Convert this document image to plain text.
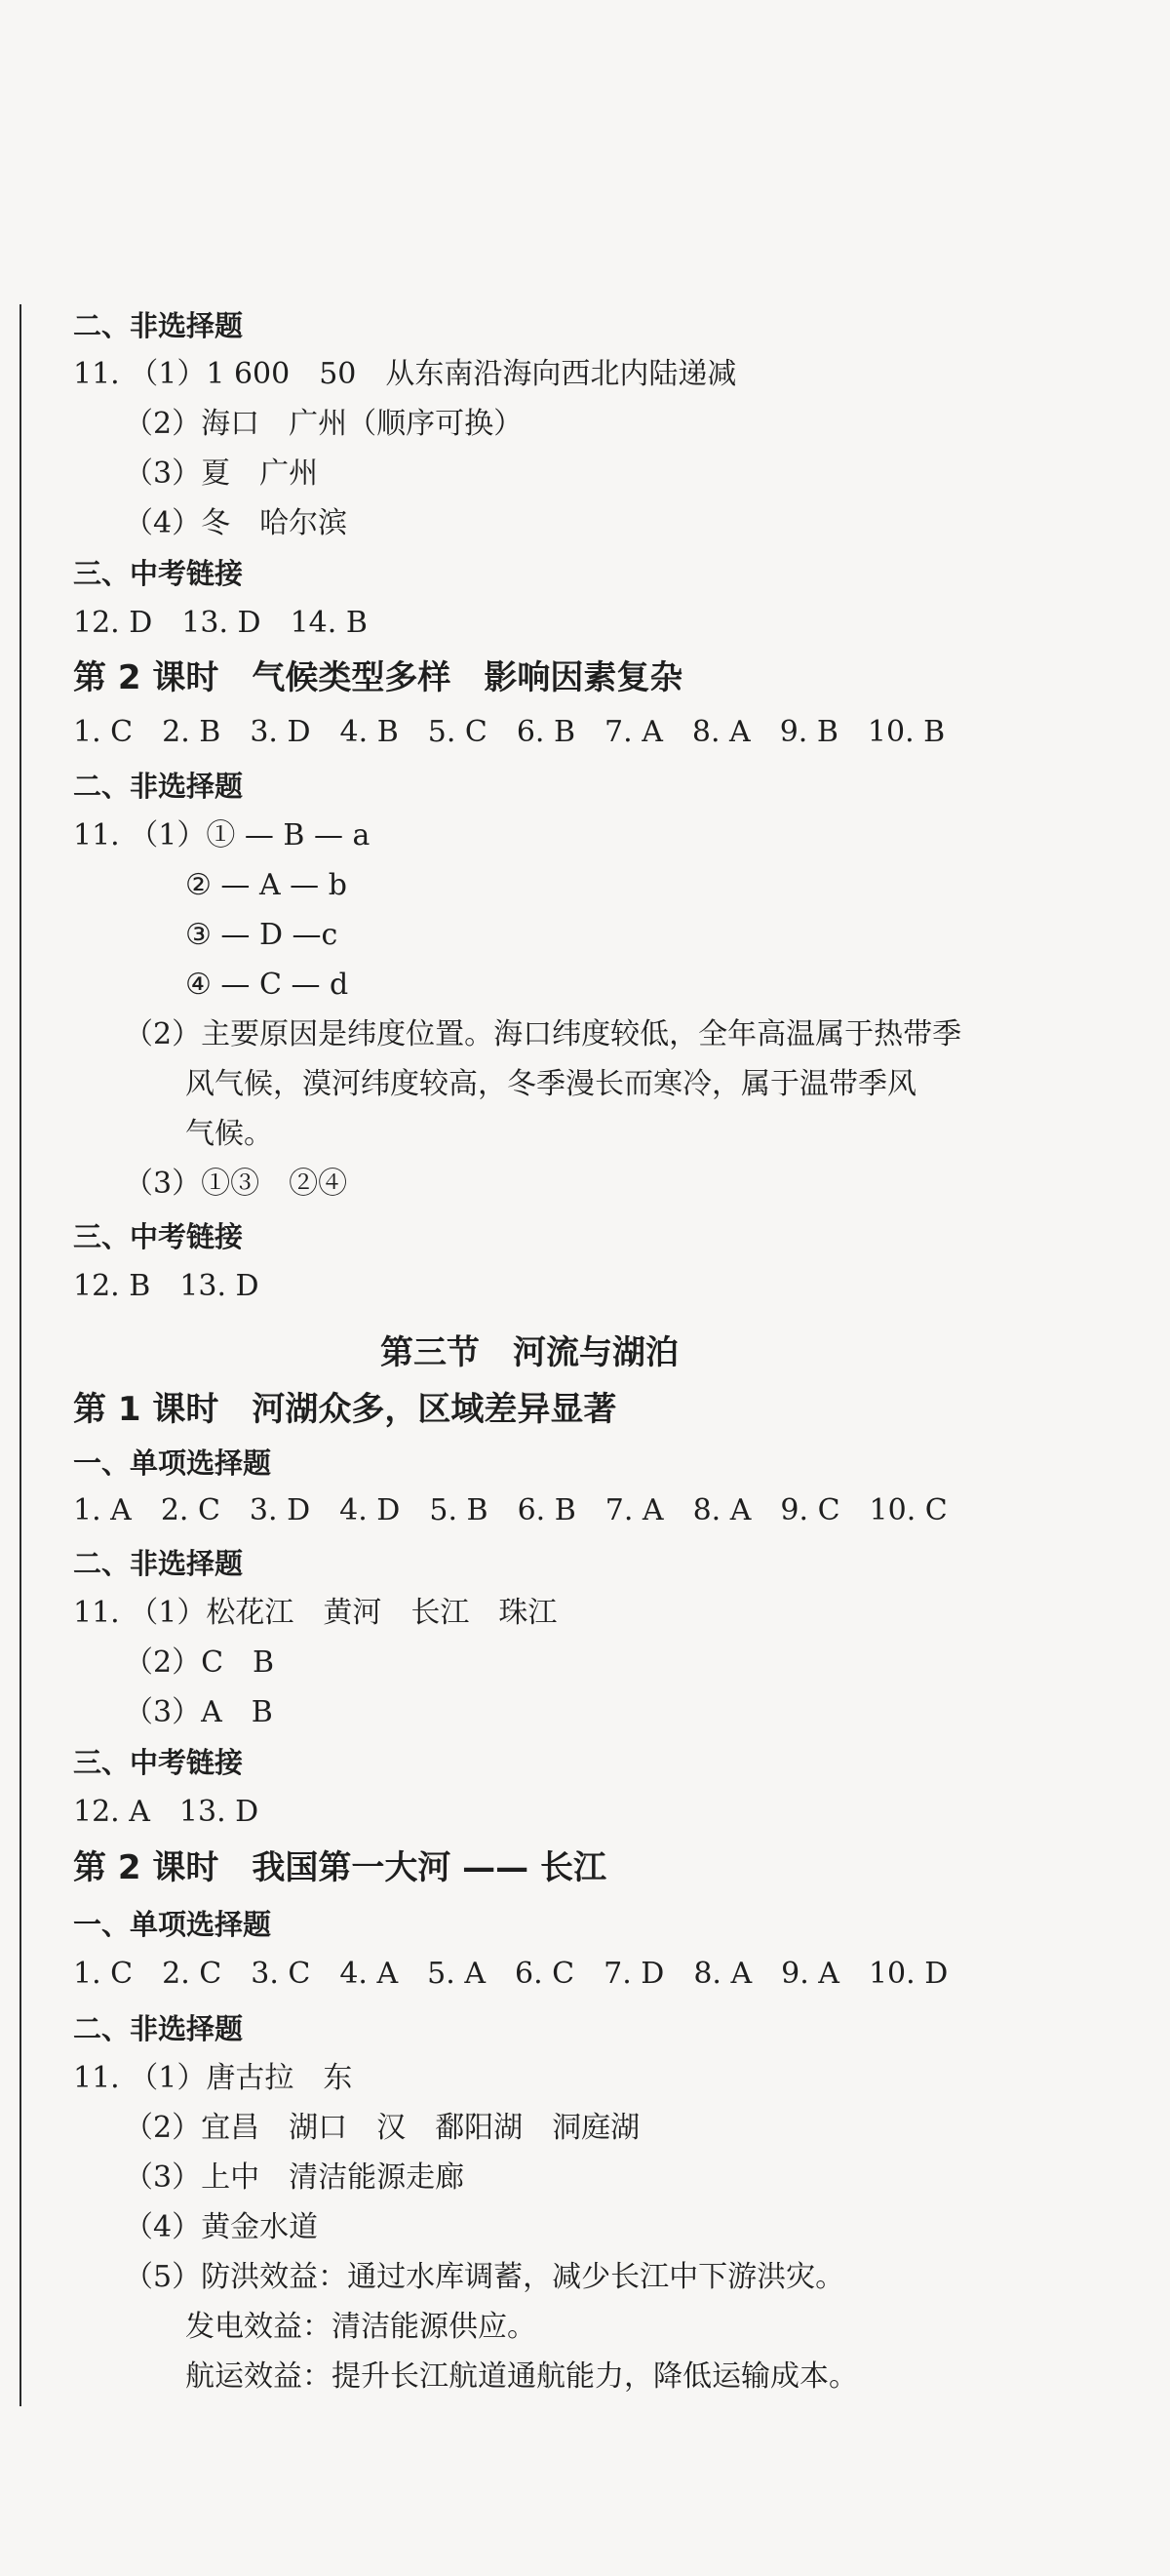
二、非选择题
11. （1）1 600　50　从东南沿海向西北内陆递减
（2）海口　广州（顺序可换）
（3）夏　广州
（4）冬　哈尔滨
三、中考链接
12. D　13. D　14. B
第 2 课时　气候类型多样　影响因素复杂
1. C　2. B　3. D　4. B　5. C　6. B　7. A　8. A　9. B　10. B
二、非选择题
11. （1）① — B — a
② — A — b
③ — D —c
④ — C — d
（2）主要原因是纬度位置。海口纬度较低，全年高温属于热带季
风气候，漠河纬度较高，冬季漫长而寒冷，属于温带季风
气候。
（3）①③　②④
三、中考链接
12. B　13. D
第三节　河流与湖泊
第 1 课时　河湖众多，区域差异显著
一、单项选择题
1. A　2. C　3. D　4. D　5. B　6. B　7. A　8. A　9. C　10. C
二、非选择题
11. （1）松花江　黄河　长江　珠江
（2）C　B
（3）A　B
三、中考链接
12. A　13. D
第 2 课时　我国第一大河 —— 长江
一、单项选择题
1. C　2. C　3. C　4. A　5. A　6. C　7. D　8. A　9. A　10. D
二、非选择题
11. （1）唐古拉　东
（2）宜昌　湖口　汉　鄱阳湖　洞庭湖
（3）上中　清洁能源走廊
（4）黄金水道
（5）防洪效益：通过水库调蓄，减少长江中下游洪灾。
发电效益：清洁能源供应。
航运效益：提升长江航道通航能力，降低运输成本。
